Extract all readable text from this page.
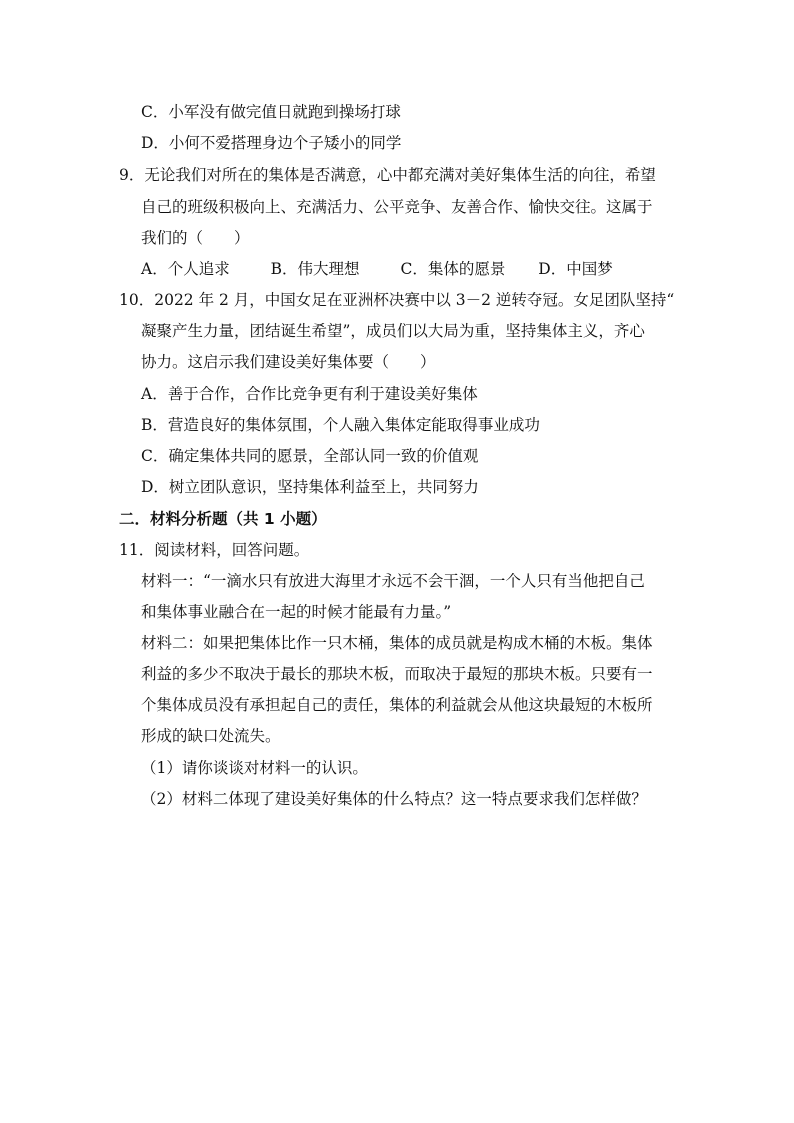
C．小军没有做完值日就跑到操场打球
D．小何不爱搭理身边个子矮小的同学
9．无论我们对所在的集体是否满意，心中都充满对美好集体生活的向往，希望
自己的班级积极向上、充满活力、公平竞争、友善合作、愉快交往。这属于
我们的（　　）
A．个人追求	B．伟大理想	C．集体的愿景 D．中国梦
10．2022 年 2 月，中国女足在亚洲杯决赛中以 3－2 逆转夺冠。女足团队坚持“
凝聚产生力量，团结诞生希望”，成员们以大局为重，坚持集体主义，齐心
协力。这启示我们建设美好集体要（　　）
A．善于合作，合作比竞争更有利于建设美好集体
B．营造良好的集体氛围，个人融入集体定能取得事业成功
C．确定集体共同的愿景，全部认同一致的价值观
D．树立团队意识，坚持集体利益至上，共同努力
二．材料分析题（共 1 小题）
11．阅读材料，回答问题。
材料一：“一滴水只有放进大海里才永远不会干涸，一个人只有当他把自己
和集体事业融合在一起的时候才能最有力量。”
材料二：如果把集体比作一只木桶，集体的成员就是构成木桶的木板。集体
利益的多少不取决于最长的那块木板，而取决于最短的那块木板。只要有一
个集体成员没有承担起自己的责任，集体的利益就会从他这块最短的木板所
形成的缺口处流失。
（1）请你谈谈对材料一的认识。
（2）材料二体现了建设美好集体的什么特点？这一特点要求我们怎样做？
